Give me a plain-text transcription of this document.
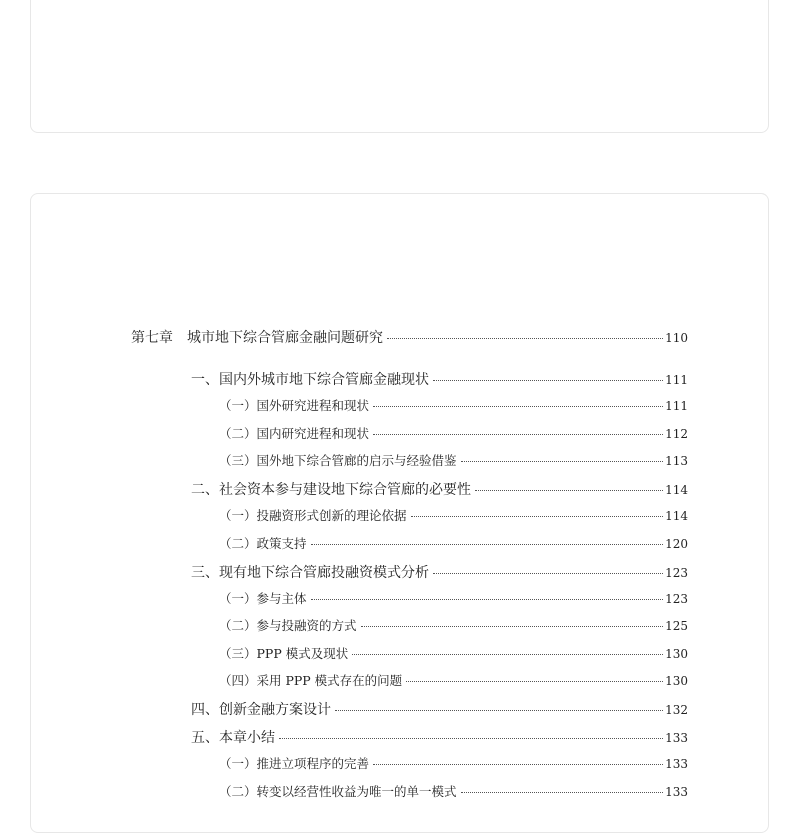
第七章 城市地下综合管廊金融问题研究	110
一、国内外城市地下综合管廊金融现状	111
（一）国外研究进程和现状	111
（二）国内研究进程和现状	112
（三）国外地下综合管廊的启示与经验借鉴	113
二、社会资本参与建设地下综合管廊的必要性	114
（一）投融资形式创新的理论依据	114
（二）政策支持	120
三、现有地下综合管廊投融资模式分析	123
（一）参与主体	123
（二）参与投融资的方式	125
（三）PPP 模式及现状	130
（四）采用 PPP 模式存在的问题	130
四、创新金融方案设计	132
五、本章小结	133
（一）推进立项程序的完善	133
（二）转变以经营性收益为唯一的单一模式	133
